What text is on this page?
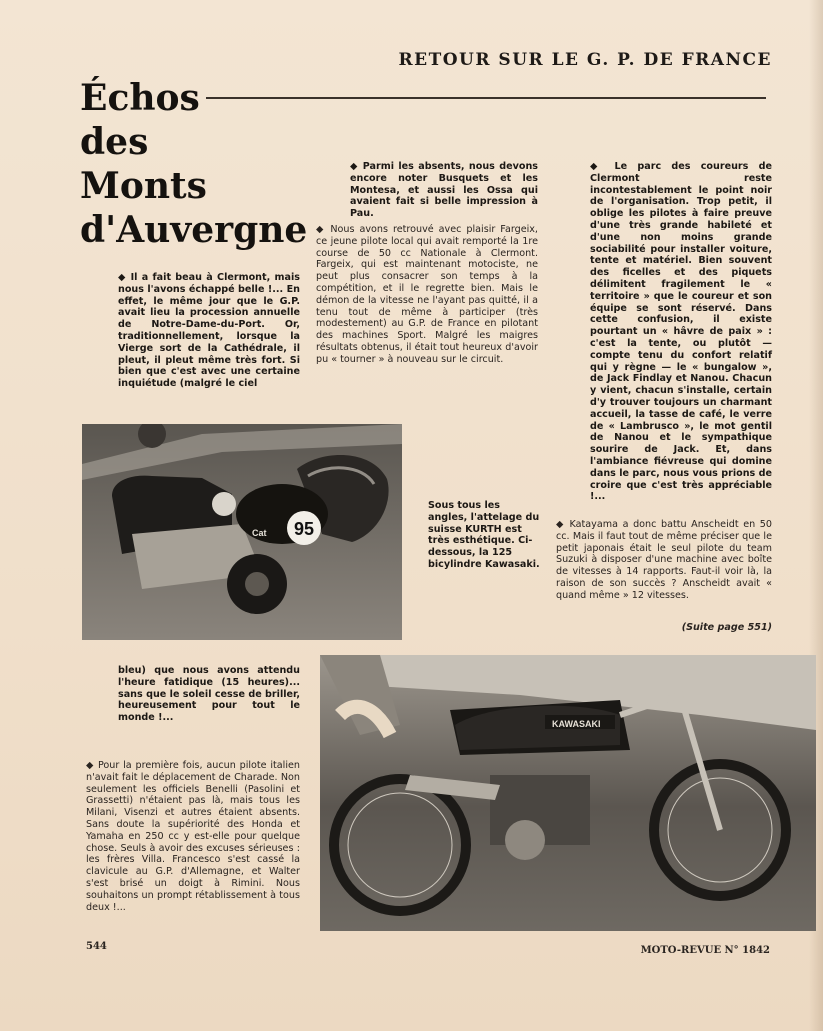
RETOUR SUR LE G. P. DE FRANCE
Échos
des
Monts
d'Auvergne

◆ Il a fait beau à Clermont, mais nous l'avons échappé belle !... En effet, le même jour que le G.P. avait lieu la procession annuelle de Notre-Dame-du-Port. Or, traditionnellement, lorsque la Vierge sort de la Cathédrale, il pleut, il pleut même très fort. Si bien que c'est avec une certaine inquiétude (malgré le ciel

◆ Parmi les absents, nous devons encore noter Busquets et les Montesa, et aussi les Ossa qui avaient fait si belle impression à Pau.

◆ Nous avons retrouvé avec plaisir Fargeix, ce jeune pilote local qui avait remporté la 1re course de 50 cc Nationale à Clermont. Fargeix, qui est maintenant motociste, ne peut plus consacrer son temps à la compétition, et il le regrette bien. Mais le démon de la vitesse ne l'ayant pas quitté, il a tenu tout de même à participer (très modestement) au G.P. de France en pilotant des machines Sport. Malgré les maigres résultats obtenus, il était tout heureux d'avoir pu « tourner » à nouveau sur le circuit.

◆ Le parc des coureurs de Clermont reste incontestablement le point noir de l'organisation. Trop petit, il oblige les pilotes à faire preuve d'une très grande habileté et d'une non moins grande sociabilité pour installer voiture, tente et matériel. Bien souvent des ficelles et des piquets délimitent fragilement le « territoire » que le coureur et son équipe se sont réservé. Dans cette confusion, il existe pourtant un « hâvre de paix » : c'est la tente, ou plutôt — compte tenu du confort relatif qui y règne — le « bungalow », de Jack Findlay et Nanou. Chacun y vient, chacun s'installe, certain d'y trouver toujours un charmant accueil, la tasse de café, le verre de « Lambrusco », le mot gentil de Nanou et le sympathique sourire de Jack. Et, dans l'ambiance fiévreuse qui domine dans le parc, nous vous prions de croire que c'est très appréciable !...

95
Cat

Sous tous les angles, l'attelage du suisse KURTH est très esthétique. Ci-dessous, la 125 bicylindre Kawasaki.

◆ Katayama a donc battu Anscheidt en 50 cc. Mais il faut tout de même préciser que le petit japonais était le seul pilote du team Suzuki à disposer d'une machine avec boîte de vitesses à 14 rapports. Faut-il voir là, la raison de son succès ? Anscheidt avait « quand même » 12 vitesses.

(Suite page 551)

bleu) que nous avons attendu l'heure fatidique (15 heures)... sans que le soleil cesse de briller, heureusement pour tout le monde !...

◆ Pour la première fois, aucun pilote italien n'avait fait le déplacement de Charade. Non seulement les officiels Benelli (Pasolini et Grassetti) n'étaient pas là, mais tous les Milani, Visenzi et autres étaient absents. Sans doute la supériorité des Honda et Yamaha en 250 cc y est-elle pour quelque chose. Seuls à avoir des excuses sérieuses : les frères Villa. Francesco s'est cassé la clavicule au G.P. d'Allemagne, et Walter s'est brisé un doigt à Rimini. Nous souhaitons un prompt rétablissement à tous deux !...

KAWASAKI
544	MOTO-REVUE N° 1842
